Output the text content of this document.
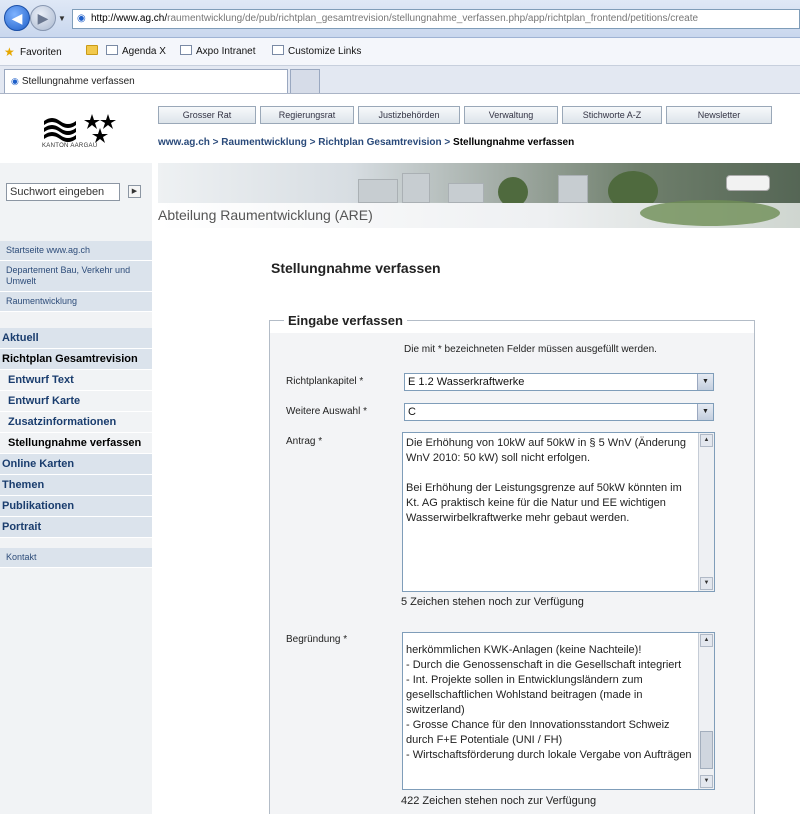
◀	▶	▼	◉ http://www.ag.ch/raumentwicklung/de/pub/richtplan_gesamtrevision/stellungnahme_verfassen.php/app/richtplan_frontend/petitions/create
★ Favoriten	Agenda X	Axpo Intranet	Customize Links
◉ Stellungnahme verfassen
KANTON AARGAU
Grosser Rat	Regierungsrat	Justizbehörden	Verwaltung	Stichworte A-Z	Newsletter
www.ag.ch > Raumentwicklung > Richtplan Gesamtrevision > Stellungnahme verfassen
Suchwort eingeben
▶
Abteilung Raumentwicklung (ARE)
Startseite www.ag.ch
Departement Bau, Verkehr und Umwelt
Raumentwicklung
Aktuell
Richtplan Gesamtrevision
Entwurf Text
Entwurf Karte
Zusatzinformationen
Stellungnahme verfassen
Online Karten
Themen
Publikationen
Portrait
Kontakt
Stellungnahme verfassen
Eingabe verfassen
Die mit * bezeichneten Felder müssen ausgefüllt werden.
Richtplankapitel *	E 1.2 Wasserkraftwerke	▼
Weitere Auswahl *	C	▼
Antrag *	Die Erhöhung von 10kW auf 50kW in § 5 WnV (Änderung WnV 2010: 50 kW) soll nicht erfolgen.

Bei Erhöhung der Leistungsgrenze auf 50kW könnten im Kt. AG praktisch keine für die Natur und EE wichtigen Wasserwirbelkraftwerke mehr gebaut werden.

▲
▼
5 Zeichen stehen noch zur Verfügung
Begründung *
herkömmlichen KWK-Anlagen (keine Nachteile)!
- Durch die Genossenschaft in die Gesellschaft integriert
- Int. Projekte sollen in Entwicklungsländern zum gesellschaftlichen Wohlstand beitragen (made in switzerland)
- Grosse Chance für den Innovationsstandort Schweiz durch F+E Potentiale (UNI / FH)
- Wirtschaftsförderung durch lokale Vergabe von Aufträgen
▲
▼
422 Zeichen stehen noch zur Verfügung
